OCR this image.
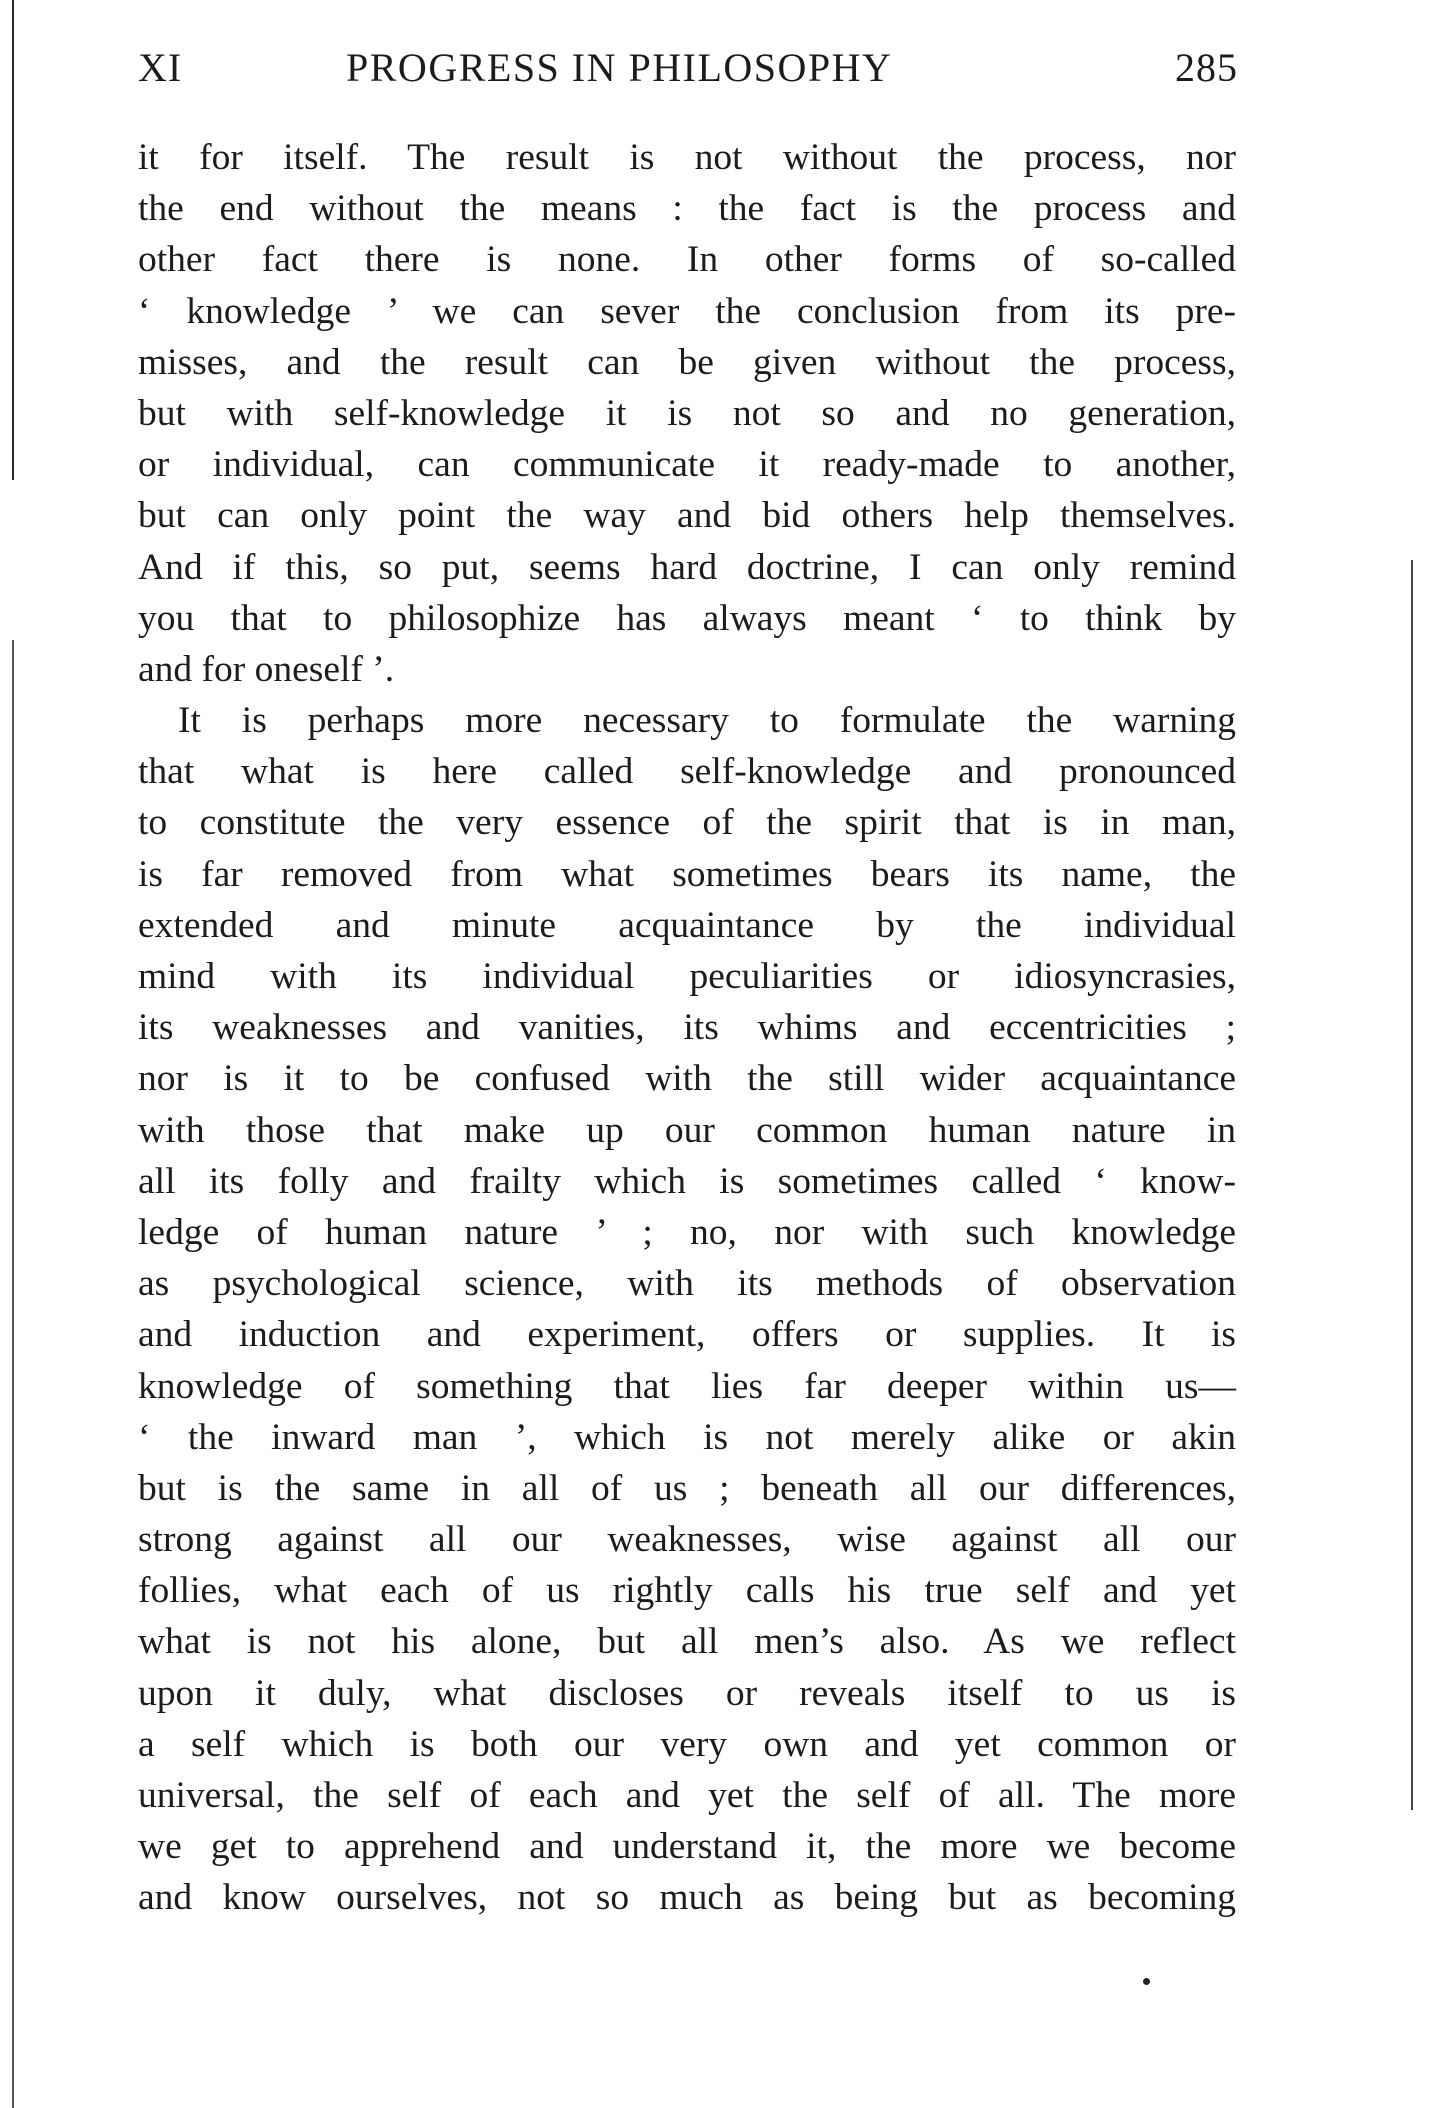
XI	PROGRESS IN PHILOSOPHY	285
it for itself. The result is not without the process, nor
the end without the means : the fact is the process and
other fact there is none. In other forms of so-called
‘ knowledge ’ we can sever the conclusion from its pre-
misses, and the result can be given without the process,
but with self-knowledge it is not so and no generation,
or individual, can communicate it ready-made to another,
but can only point the way and bid others help themselves.
And if this, so put, seems hard doctrine, I can only remind
you that to philosophize has always meant ‘ to think by
and for oneself ’.
It is perhaps more necessary to formulate the warning
that what is here called self-knowledge and pronounced
to constitute the very essence of the spirit that is in man,
is far removed from what sometimes bears its name, the
extended and minute acquaintance by the individual
mind with its individual peculiarities or idiosyncrasies,
its weaknesses and vanities, its whims and eccentricities ;
nor is it to be confused with the still wider acquaintance
with those that make up our common human nature in
all its folly and frailty which is sometimes called ‘ know-
ledge of human nature ’ ; no, nor with such knowledge
as psychological science, with its methods of observation
and induction and experiment, offers or supplies. It is
knowledge of something that lies far deeper within us—
‘ the inward man ’, which is not merely alike or akin
but is the same in all of us ; beneath all our differences,
strong against all our weaknesses, wise against all our
follies, what each of us rightly calls his true self and yet
what is not his alone, but all men’s also. As we reflect
upon it duly, what discloses or reveals itself to us is
a self which is both our very own and yet common or
universal, the self of each and yet the self of all. The more
we get to apprehend and understand it, the more we become
and know ourselves, not so much as being but as becoming
